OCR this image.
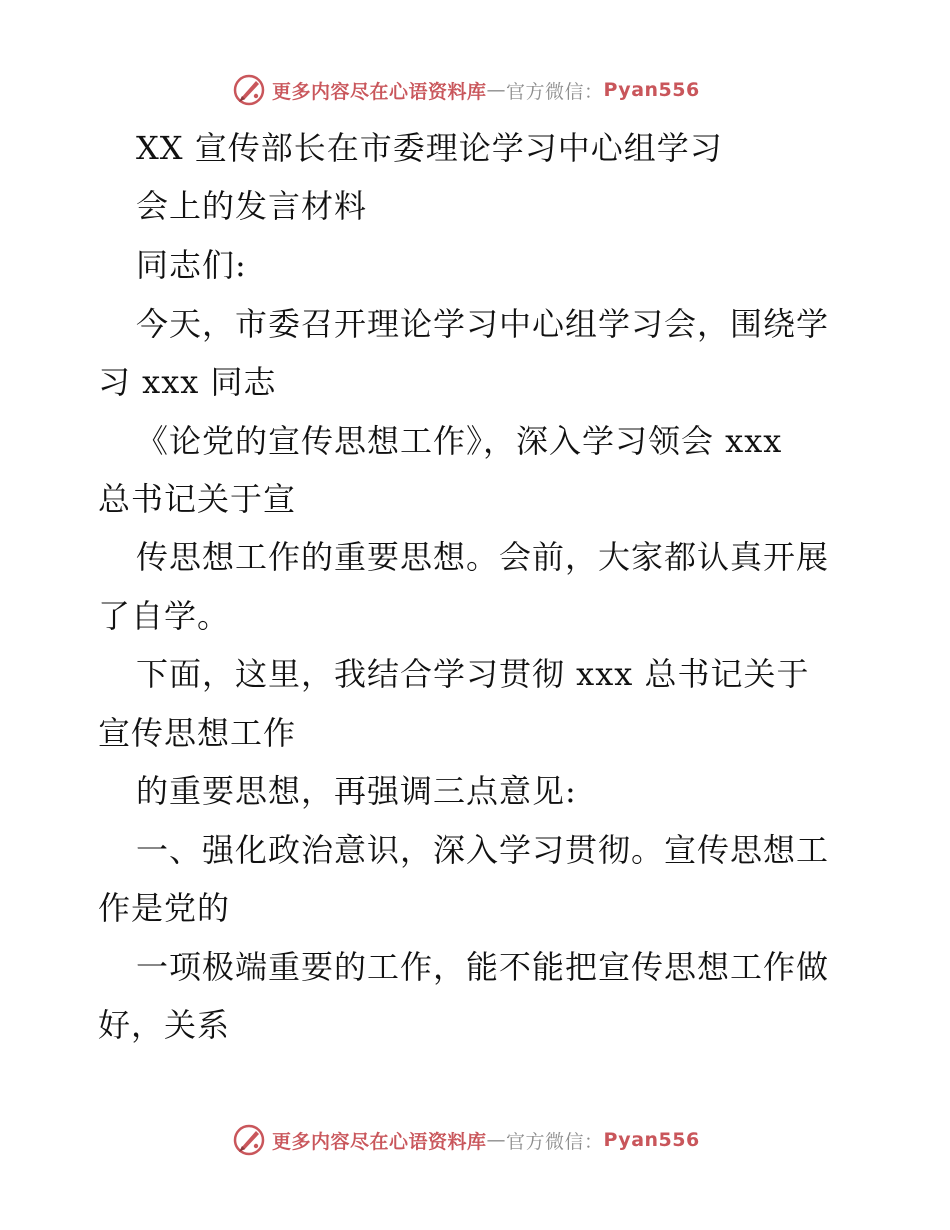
更多内容尽在心语资料库 — 官方微信： Pyan556
XX 宣传部长在市委理论学习中心组学习
会上的发言材料
同志们:
今天，市委召开理论学习中心组学习会，围绕学
习 xxx 同志
《论党的宣传思想工作》，深入学习领会 xxx
总书记关于宣
传思想工作的重要思想。会前，大家都认真开展
了自学。
下面，这里，我结合学习贯彻 xxx 总书记关于
宣传思想工作
的重要思想，再强调三点意见:
一、强化政治意识，深入学习贯彻。宣传思想工
作是党的
一项极端重要的工作，能不能把宣传思想工作做
好，关系
更多内容尽在心语资料库 — 官方微信： Pyan556
